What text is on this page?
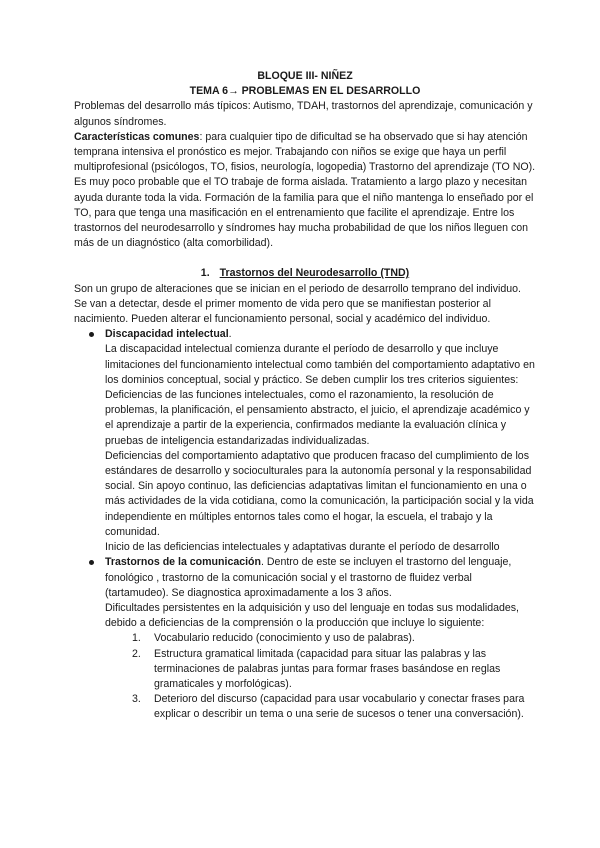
BLOQUE III- NIÑEZ

TEMA 6→ PROBLEMAS EN EL DESARROLLO

Problemas del desarrollo más típicos: Autismo, TDAH, trastornos del aprendizaje, comunicación y algunos síndromes.

Características comunes: para cualquier tipo de dificultad se ha observado que si hay atención temprana intensiva el pronóstico es mejor. Trabajando con niños se exige que haya un perfil multiprofesional (psicólogos, TO, fisios, neurología, logopedia) Trastorno del aprendizaje (TO NO). Es muy poco probable que el TO trabaje de forma aislada. Tratamiento a largo plazo y necesitan ayuda durante toda la vida. Formación de la familia para que el niño mantenga lo enseñado por el TO, para que tenga una masificación en el entrenamiento que facilite el aprendizaje. Entre los trastornos del neurodesarrollo y síndromes hay mucha probabilidad de que los niños lleguen con más de un diagnóstico (alta comorbilidad).

1. Trastornos del Neurodesarrollo (TND)

Son un grupo de alteraciones que se inician en el periodo de desarrollo temprano del individuo.

Se van a detectar, desde el primer momento de vida pero que se manifiestan posterior al nacimiento. Pueden alterar el funcionamiento personal, social y académico del individuo.

Discapacidad intelectual.

La discapacidad intelectual comienza durante el período de desarrollo y que incluye limitaciones del funcionamiento intelectual como también del comportamiento adaptativo en los dominios conceptual, social y práctico. Se deben cumplir los tres criterios siguientes:

Deficiencias de las funciones intelectuales, como el razonamiento, la resolución de problemas, la planificación, el pensamiento abstracto, el juicio, el aprendizaje académico y el aprendizaje a partir de la experiencia, confirmados mediante la evaluación clínica y pruebas de inteligencia estandarizadas individualizadas.

Deficiencias del comportamiento adaptativo que producen fracaso del cumplimiento de los estándares de desarrollo y socioculturales para la autonomía personal y la responsabilidad social. Sin apoyo continuo, las deficiencias adaptativas limitan el funcionamiento en una o más actividades de la vida cotidiana, como la comunicación, la participación social y la vida independiente en múltiples entornos tales como el hogar, la escuela, el trabajo y la comunidad.

Inicio de las deficiencias intelectuales y adaptativas durante el período de desarrollo

Trastornos de la comunicación. Dentro de este se incluyen el trastorno del lenguaje, fonológico , trastorno de la comunicación social y el trastorno de fluidez verbal (tartamudeo). Se diagnostica aproximadamente a los 3 años.

Dificultades persistentes en la adquisición y uso del lenguaje en todas sus modalidades, debido a deficiencias de la comprensión o la producción que incluye lo siguiente:

1. Vocabulario reducido (conocimiento y uso de palabras).
2. Estructura gramatical limitada (capacidad para situar las palabras y las terminaciones de palabras juntas para formar frases basándose en reglas gramaticales y morfológicas).
3. Deterioro del discurso (capacidad para usar vocabulario y conectar frases para explicar o describir un tema o una serie de sucesos o tener una conversación).
